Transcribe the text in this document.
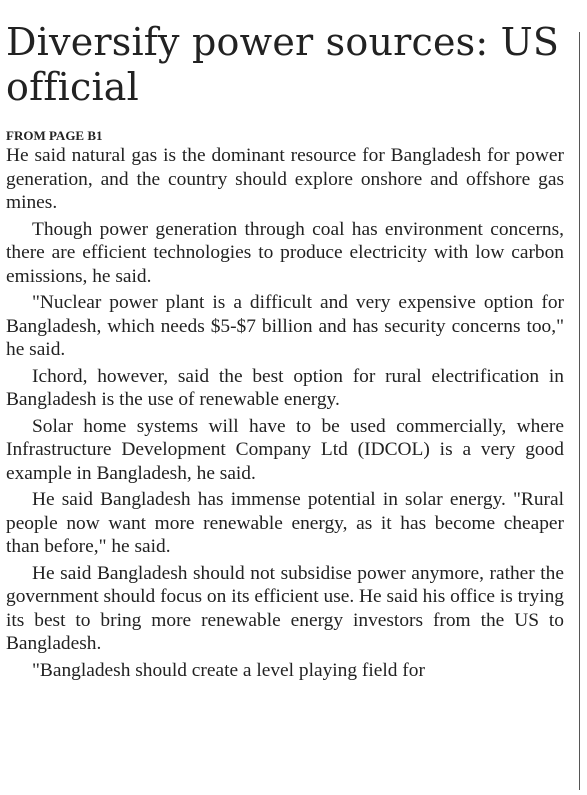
Diversify power sources: US official
FROM PAGE B1

He said natural gas is the dominant resource for Bangladesh for power generation, and the country should explore onshore and offshore gas mines.

Though power generation through coal has environment concerns, there are efficient technologies to produce electricity with low carbon emissions, he said.

"Nuclear power plant is a difficult and very expensive option for Bangladesh, which needs $5-$7 billion and has security concerns too," he said.

Ichord, however, said the best option for rural electrification in Bangladesh is the use of renewable energy.

Solar home systems will have to be used commercially, where Infrastructure Development Company Ltd (IDCOL) is a very good example in Bangladesh, he said.

He said Bangladesh has immense potential in solar energy. "Rural people now want more renewable energy, as it has become cheaper than before," he said.

He said Bangladesh should not subsidise power anymore, rather the government should focus on its efficient use. He said his office is trying its best to bring more renewable energy investors from the US to Bangladesh.

"Bangladesh should create a level playing field for
